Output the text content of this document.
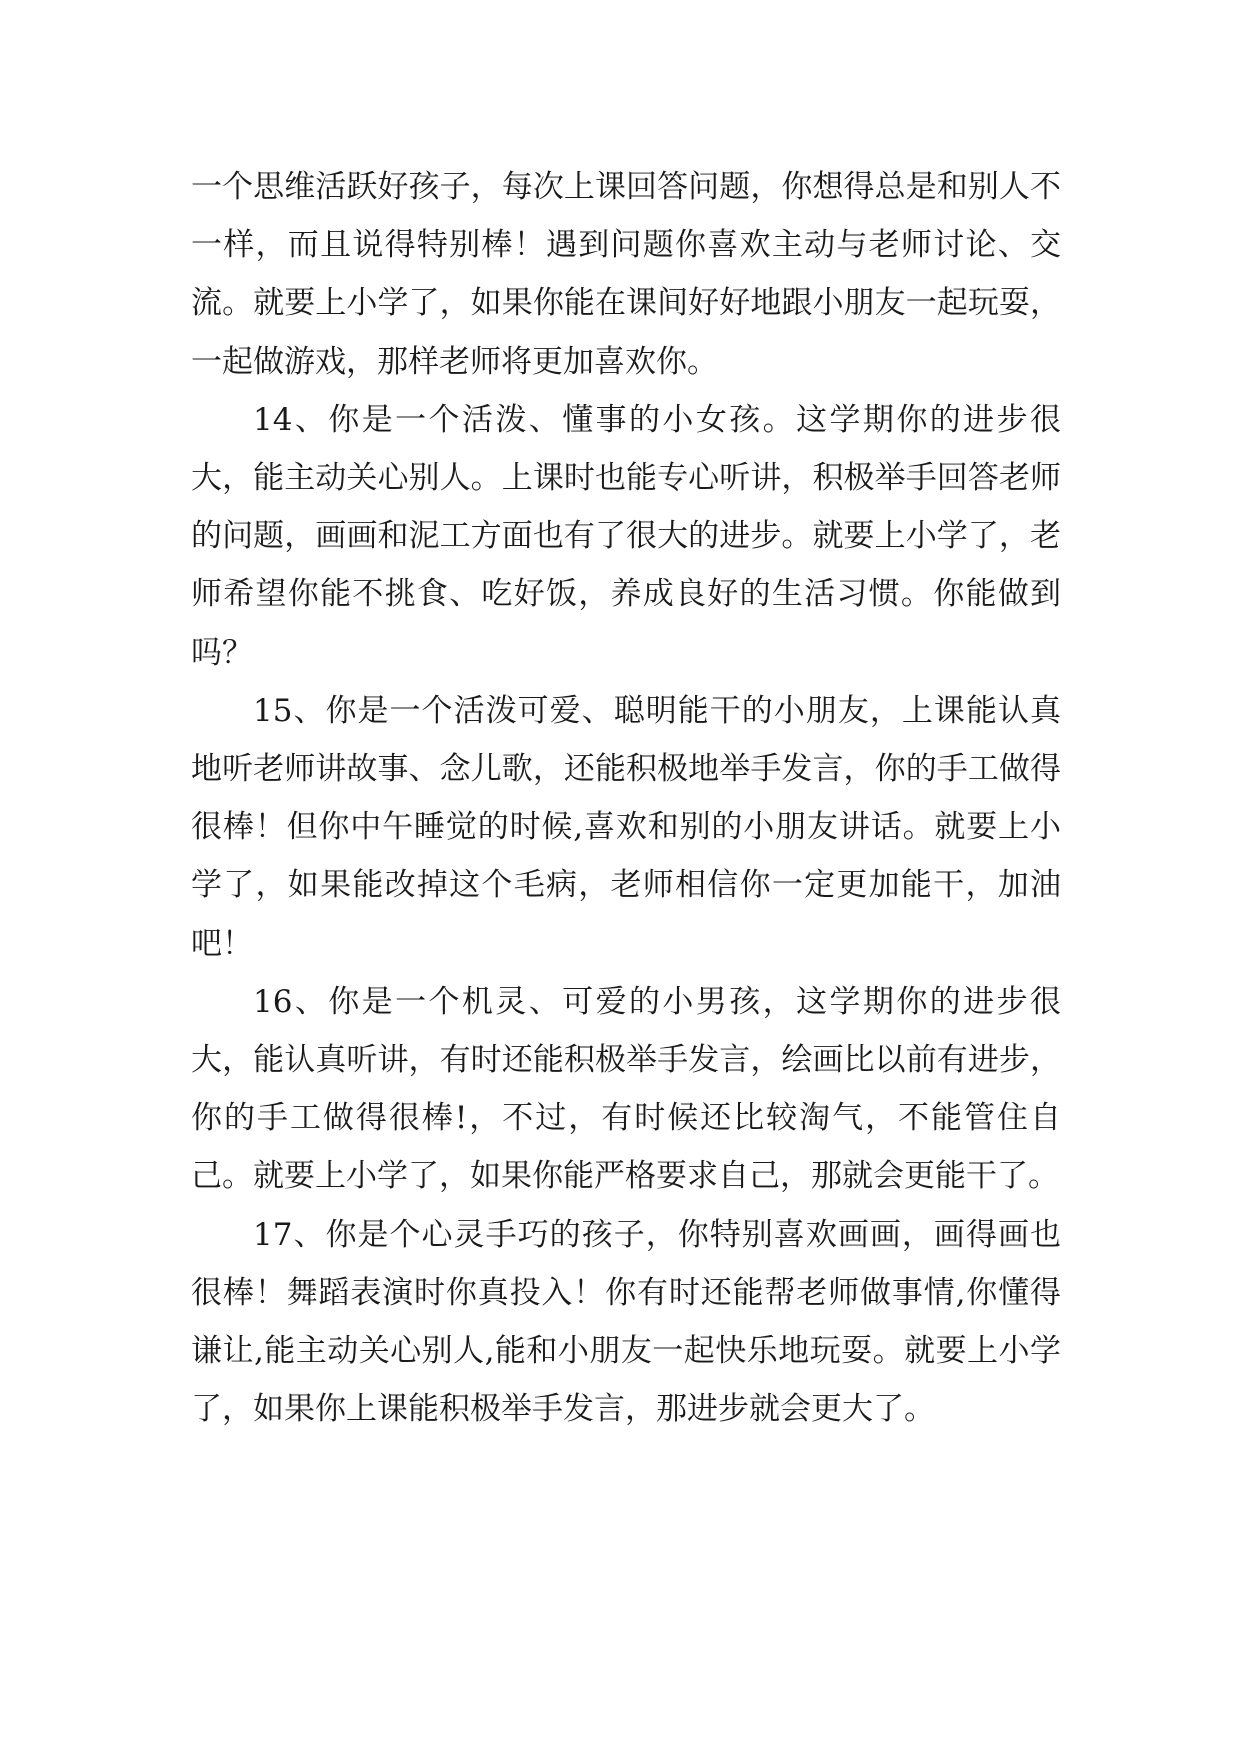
一个思维活跃好孩子，每次上课回答问题，你想得总是和别人不一样，而且说得特别棒！遇到问题你喜欢主动与老师讨论、交流。就要上小学了，如果你能在课间好好地跟小朋友一起玩耍，一起做游戏，那样老师将更加喜欢你。

14、你是一个活泼、懂事的小女孩。这学期你的进步很大，能主动关心别人。上课时也能专心听讲，积极举手回答老师的问题，画画和泥工方面也有了很大的进步。就要上小学了，老师希望你能不挑食、吃好饭，养成良好的生活习惯。你能做到吗？

15、你是一个活泼可爱、聪明能干的小朋友，上课能认真地听老师讲故事、念儿歌，还能积极地举手发言，你的手工做得很棒！但你中午睡觉的时候,喜欢和别的小朋友讲话。就要上小学了，如果能改掉这个毛病，老师相信你一定更加能干，加油吧！

16、你是一个机灵、可爱的小男孩，这学期你的进步很大，能认真听讲，有时还能积极举手发言，绘画比以前有进步，你的手工做得很棒!，不过，有时候还比较淘气，不能管住自己。就要上小学了，如果你能严格要求自己，那就会更能干了。

17、你是个心灵手巧的孩子，你特别喜欢画画，画得画也很棒！舞蹈表演时你真投入！你有时还能帮老师做事情,你懂得谦让,能主动关心别人,能和小朋友一起快乐地玩耍。就要上小学了，如果你上课能积极举手发言，那进步就会更大了。
